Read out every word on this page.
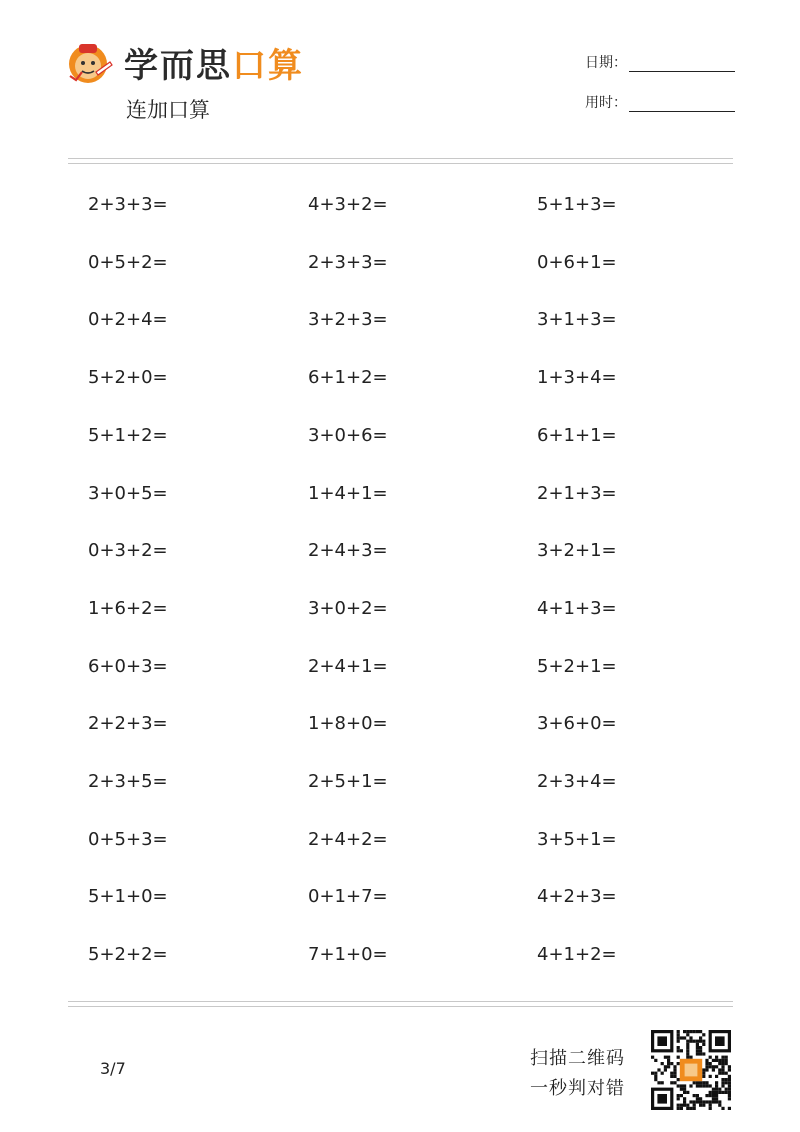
学而思口算
连加口算
日期：
用时：
2+3+3=
0+5+2=
0+2+4=
5+2+0=
5+1+2=
3+0+5=
0+3+2=
1+6+2=
6+0+3=
2+2+3=
2+3+5=
0+5+3=
5+1+0=
5+2+2=
4+3+2=
2+3+3=
3+2+3=
6+1+2=
3+0+6=
1+4+1=
2+4+3=
3+0+2=
2+4+1=
1+8+0=
2+5+1=
2+4+2=
0+1+7=
7+1+0=
5+1+3=
0+6+1=
3+1+3=
1+3+4=
6+1+1=
2+1+3=
3+2+1=
4+1+3=
5+2+1=
3+6+0=
2+3+4=
3+5+1=
4+2+3=
4+1+2=
3/7	扫描二维码
一秒判对错
